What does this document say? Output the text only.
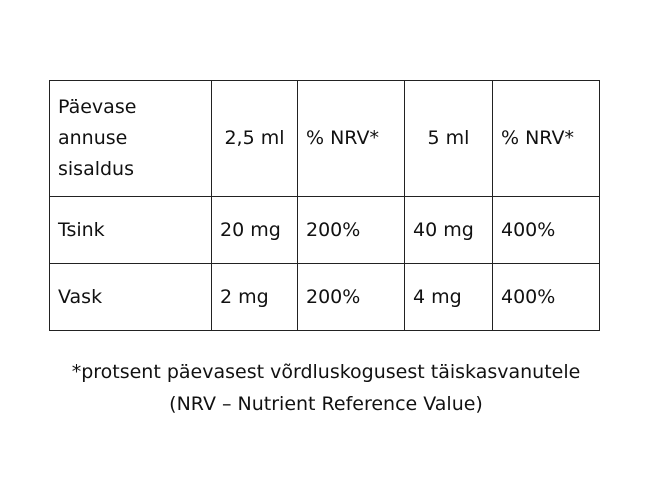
Päevase annuse sisaldus	2,5 ml	% NRV*	5 ml	% NRV*
Tsink	20 mg	200%	40 mg	400%
Vask	2 mg	200%	4 mg	400%
*protsent päevasest võrdluskogusest täiskasvanutele
(NRV – Nutrient Reference Value)
